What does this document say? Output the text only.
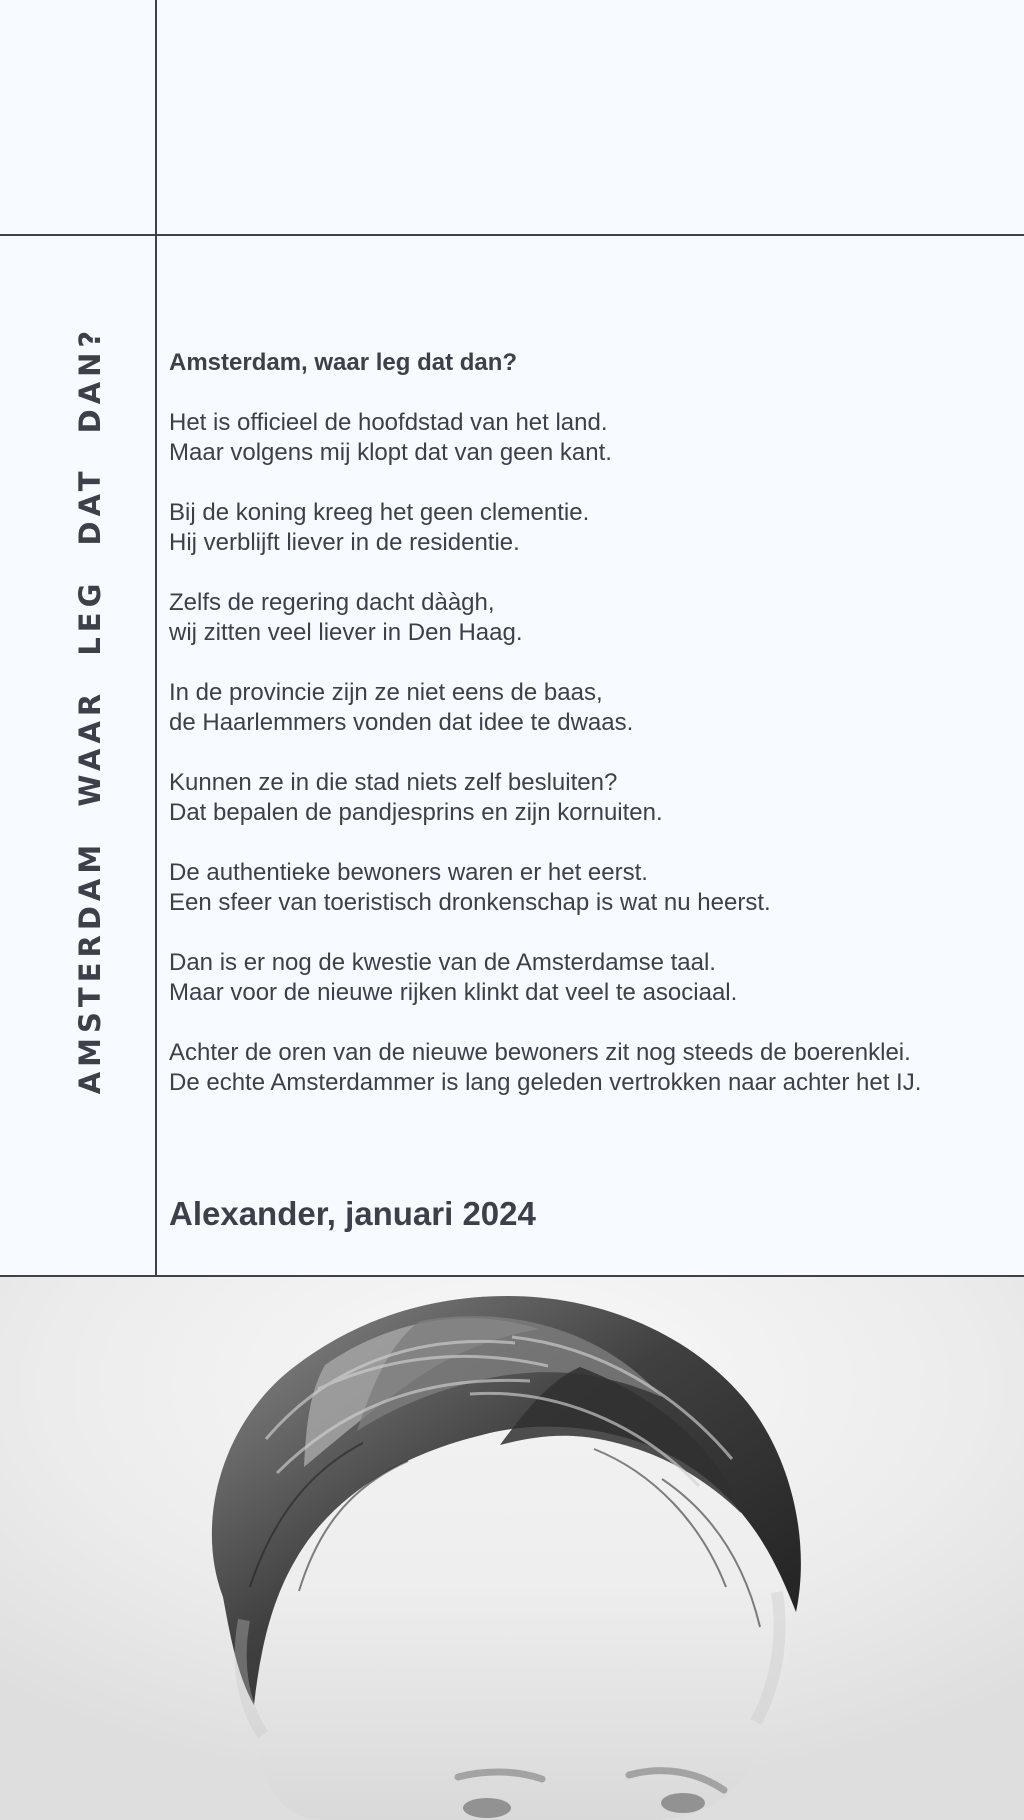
AMSTERDAM WAAR LEG DAT DAN?	Amsterdam, waar leg dat dan?
Het is officieel de hoofdstad van het land.
Maar volgens mij klopt dat van geen kant.
Bij de koning kreeg het geen clementie.
Hij verblijft liever in de residentie.
Zelfs de regering dacht dààgh,
wij zitten veel liever in Den Haag.
In de provincie zijn ze niet eens de baas,
de Haarlemmers vonden dat idee te dwaas.
Kunnen ze in die stad niets zelf besluiten?
Dat bepalen de pandjesprins en zijn kornuiten.
De authentieke bewoners waren er het eerst.
Een sfeer van toeristisch dronkenschap is wat nu heerst.
Dan is er nog de kwestie van de Amsterdamse taal.
Maar voor de nieuwe rijken klinkt dat veel te asociaal.
Achter de oren van de nieuwe bewoners zit nog steeds de boerenklei.
De echte Amsterdammer is lang geleden vertrokken naar achter het IJ.
Alexander, januari 2024
